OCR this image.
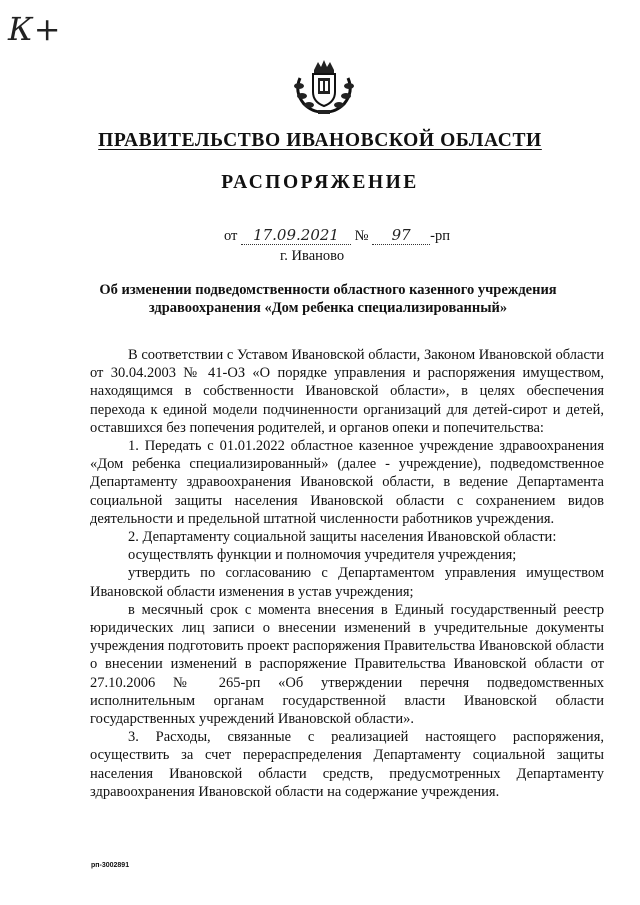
К+
ПРАВИТЕЛЬСТВО ИВАНОВСКОЙ ОБЛАСТИ
РАСПОРЯЖЕНИЕ
от 17.09.2021 № 97 -рп
г. Иваново
Об изменении подведомственности областного казенного учреждения здравоохранения «Дом ребенка специализированный»

В соответствии с Уставом Ивановской области, Законом Ивановской области от 30.04.2003 № 41-ОЗ «О порядке управления и распоряжения имуществом, находящимся в собственности Ивановской области», в целях обеспечения перехода к единой модели подчиненности организаций для детей-сирот и детей, оставшихся без попечения родителей, и органов опеки и попечительства:

1. Передать с 01.01.2022 областное казенное учреждение здравоохранения «Дом ребенка специализированный» (далее - учреждение), подведомственное Департаменту здравоохранения Ивановской области, в ведение Департамента социальной защиты населения Ивановской области с сохранением видов деятельности и предельной штатной численности работников учреждения.

2. Департаменту социальной защиты населения Ивановской области:

осуществлять функции и полномочия учредителя учреждения;

утвердить по согласованию с Департаментом управления имуществом Ивановской области изменения в устав учреждения;

в месячный срок с момента внесения в Единый государственный реестр юридических лиц записи о внесении изменений в учредительные документы учреждения подготовить проект распоряжения Правительства Ивановской области о внесении изменений в распоряжение Правительства Ивановской области от 27.10.2006 № 265-рп «Об утверждении перечня подведомственных исполнительным органам государственной власти Ивановской области государственных учреждений Ивановской области».

3. Расходы, связанные с реализацией настоящего распоряжения, осуществить за счет перераспределения Департаменту социальной защиты населения Ивановской области средств, предусмотренных Департаменту здравоохранения Ивановской области на содержание учреждения.

рп-3002891
